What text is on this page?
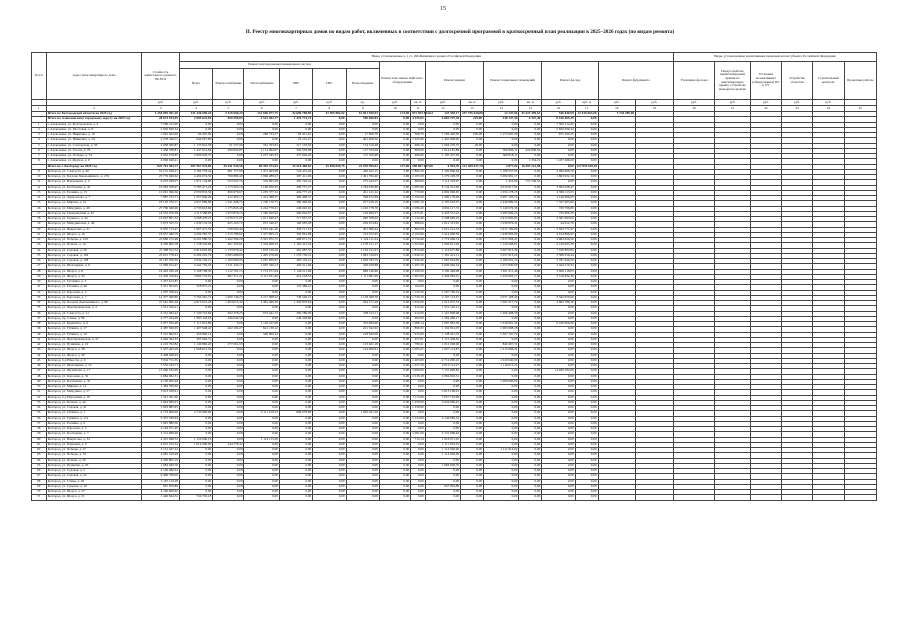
15
II. Реестр многоквартирных домов по видам работ, включенных в соответствии с долгосрочной программой в краткосрочный план реализации в 2025–2026 годах (по видам ремонта)
№ п/п	Адрес многоквартирного дома	Стоимость капитального ремонта, ВСЕГО	Виды, установленные ч. 1 ст. 166 Жилищного кодекса Российской Федерации																Виды, установленные нормативным правовым актом субъекта Российской Федерации					
			Ремонт внутридомовых инженерных систем						Ремонт или замена лифтового оборудования		Ремонт крыши		Ремонт подвальных помещений		Ремонт фасада		Ремонт фундамента		Утепление фасадов	Переустройство невентилируемой крыши на вентилируемую крышу, устройство выходов на кровлю	Установка коллективных (общедомовых) ПУ и УУ	Устройство отмостки	Строительный контроль	Проектные работы
			Всего	Электроснабжение	Теплоснабжение	ХВС	ГВС	Водоотведение																
		руб.	руб.	руб.	руб.	руб.	руб.	ед.	руб.	кв. м	руб.	кв. м	руб.	кв. м	руб.	куб. м	руб.	руб.	руб.	руб.	руб.	руб.	руб.	
1	2	3	4	5	6	7	8	9	10	11	12	13	14	15	16	17	18	19	20	21	22	23	24	25
	Итого по Белгородской области на 2025 год	1 454 859 401,20	141 446 690,20	3 126 906,24	131 660 077,75	42 686 788,89	41 505 882,92	61 851 590,91	174,00	872 955 504,64	143 338,17	257 576 028,80	12 247,66	43 423 499,63	546 840,09	22 610 663,00	5 744 280,00							
	Итого по Алексеевскому городскому округу на 2025 год	28 874 934,49	2 985 642,09	650 299,83	2 541 402,77	1 476 774,74	0,00	700 900,83	0,00	4 335,63	6 682 797,36	219,00	146 147,30	6 347,40	6 106 405,39	0,00								
1	г. Алексеевка, ул. Белгородская, д. 4	7 568 212,00	0,00	0,00	0,00	0,00	0,00	0,00	0,00	0,00	0,00	0,00	0,00	0,00	7 566 212,00	0,00								
2	г. Алексеевка, ул. Мостовая, д. 8	2 650 636,34	0,00	0,00	0,00	0,00	0,00	0,00	0,00	0,00	0,00	0,00	0,00	0,00	2 650 636,34	0,00								
3	г. Алексеевка, ул. Никитина, д. 16	1 945 562,00	60 407,92	0,00	260 734,77	64 451,61	0,00	17 906,70	0,00	366,70	1 706 440,30	190,00	1 175 007,20	0,00	675 160,25	0,00								
4	г. Алексеевка, ул. Никитина, д. 29	2 278 346,57	944 097,80	0,00	0,00	23 101,27	0,00	401 408,50	0,00	1 025,60	1 465 608,00	0,00	0,00	0,00	0,00	0,00								
5	г. Алексеевка, ул. Слободская, д. 56	2 038 300,87	1 135 841,58	61 527,06	361 703,81	217 193,50	0,00	154 516,48	0,00	666,10	1 004 270,55	28,00	0,00	0,00	0,00	0,00								
6	г. Алексеевка, ул. Гоголя, д. 76	1 458 338,81	1 447 612,84	269 602,87	1 151 094,97	350 539,88	0,00	117 334,56	0,00	600,00	1 914 181,89	0,00	300 890,11	424 839,59	0,00	0,00								
7	г. Алексеевка, ул. Победы, д. 74	2 652 276,85	2 909 643,37	0,00	2 075 345,43	375 664,20	0,00	115 160,68	0,00	460,00	1 105 437,49	0,00	360 818,11	0,00	0,00	0,00								
8	г. Алексеевка, ул. Фрунзе, д. 9	4 090 940,41	0,00	0,00	0,00	0,00	0,00	0,00	0,00	0,00	0,00	0,00	0,00	1 334,19	1 457 496,00	0,00								
	Итого по г. Белгороду на 2025 год	822 761 403,77	187 567 975,89	35 441 944,58	80 493 473,63	32 516 468,63	15 058 839,75	22 978 990,01	127,00	188 687 227,60	6 595,39	121 309 037,70	4 877,04	16 493 214,98	0,00	127 855 092,81								
9	Белгород, ул. 5 Августа, д. 40	10 131 246,21	2 184 776,44	661 177,99	1 471 405,08	724 472,40	0,00	446 441,15	2,00	1 864,76	1 162 960,64	0,00	1 108 557,03	0,00	4 090 966,79	0,00								
10	Белгород, ул. Богдана Хмельницкого, д. 274	23 779 040,62	4 494 974,30	799 889,40	1 966 289,23	287 411,06	0,00	1 491 790,40	3,00	2 105,50	1 279 228,70	0,00	3 284 981,17	0,00	1 863 932,19	0,00								
11	Белгород, ул. Вокзальная, д. 4	6 033 838,07	1 871 134,80	523 947,76	376 993,28	395 702,22	0,00	275 444,37	0,00	669,00	3 114 318,67	0,00	1 410,90	772 749,35	0,00	0,00								
12	Белгород, ул. Костюкова, д. 45	10 083 358,97	3 785 471,24	1 173 563,10	1 196 050,45	269 757,27	0,00	1 764 930,88	2,00	1 085,90	8 134 312,96	0,00	4 010 917,62	0,00	3 002 028,47	0,00								
13	Белгород, ул. Есенина, д. 13	15 001 396,30	2 039 833,50	606 679,67	1 205 377,31	404 777,22	0,00	421 141,22	0,00	770,90	4 892 996,65	0,00	1 034 178,25	0,00	4 569 113,25	0,00								
14	Белгород, ул. Лермонтова, д. 7	7 687 135,71	1 957 840,49	412 493,17	1 414 388,57	309 498,37	0,00	768 072,69	0,00	1 194,00	1 090 178,06	0,00	3 097 102,74	0,00	2 140 990,09	0,00								
15	Белгород, ул. Мирная, д. 16	18 120 570,17	4 657 886,86	1 341 468,75	1 700 170,75	380 490,63	0,00	677 916,16	0,00	2 982,10	2 195 618,07	0,00	2 446 889,52	0,00	7 327 663,60	0,00								
16	Белгород, ул. Мичурина, д. 49	27 766 940,96	4 730 618,69	1 175 843,40	2 244 770,01	246 042,01	0,00	1 216 178,70	2,00	2 286,40	4 004 117,72	0,00	5 140 070,36	0,00	729 706,89	0,00								
17	Белгород, пр. Гражданский, д. 43	16 352 676,38	4 113 588,83	1 053 876,15	1 390 920,92	360 604,67	0,00	156 960,27	0,00	1 675,61	2 443 531,22	0,00	3 285 669,25	0,00	735 806,58	0,00								
18	Белгород, ул. Горького, д. 44	12 607 891,32	3 588 478,21	1 076 571,07	1 011 640,27	717 637,57	0,00	290 708,02	0,00	1 134,40	2 508 699,22	0,00	2 613 905,81	0,00	4 561 693,00	0,00								
19	Белгород, ул. Мичуринская, д. 46	5 673 525,72	1 639 153,33	625 105,72	975 540,27	160 685,28	0,00	229 674,84	0,00	888,00	1 012 313,95	0,00	1 036 876,41	0,00	44 612,76	0,00								
20	Белгород, ул. Некрасова, д. 31	9 935 713,47	1 907 471,59	530 000,40	2 023 441,16	356 717,10	0,00	401 006,24	0,00	804,58	2 021 212,33	0,00	1 917 100,09	0,00	2 043 771,97	0,00								
21	Белгород, ул. Щорса, д. 16	18 057 480,79	4 294 287,57	1 315 780,62	1 477 905,13	393 961,99	0,00	723 072,45	0,00	2 104,80	5 414 900,39	0,00	1 936 993,02	0,00	4 814 866,93	0,00								
22	Белгород, ул. Победы, д. 128	23 686 272,48	6 201 880,33	1 492 399,29	3 301 872,75	408 071,72	0,00	1 124 111,24	0,00	2 734,40	1 774 066,74	0,00	1 617 004,47	0,00	3 084 826,50	0,00								
23	Белгород, ул. Попова, д. 14	6 560 600,78	1 728 343,66	407 103,81	1 318 408,33	1 163 412,32	0,00	1 178 121,17	0,00	1 323,60	1 090 011,94	0,00	1 126 568,01	0,00	2 120 933,38	0,00								
24	Белгород, ул. Садовая, д. 26	21 468 911,54	4 816 603,69	1 133 970,42	1 633 120,16	481 987,55	0,00	1 159 121,01	0,00	1 874,68	1 116 977,89	0,00	3 097 813,39	0,00	7 106 802,84	0,00								
25	Белгород, ул. Садовая, д. 104	25 615 778,43	6 269 201,79	2 083 486,83	1 405 278,28	1 276 730,21	0,00	1 063 318,03	0,00	1 940,52	7 191 413,11	0,00	2 037 613,22	0,00	3 589 916,44	0,00								
26	Белгород, ул. Садовая, д. 108	22 187 978,39	3 934 102,21	1 182 600,95	3 281 009,93	485 116,41	0,00	1 028 183,79	0,00	1 940,40	1 963 044,09	0,00	2 186 091,10	0,00	3 781 649,20	0,00								
27	Белгород, ул. Шаландина, д. 6	11 969 614,47	4 442 702,33	1 311 343,17	1 905 340,13	409 311,06	0,00	428 028,88	0,00	1 267,50	2 949 946,24	0,00	1 073 900,60	0,00	3 444 519,33	0,00								
28	Белгород, ул. Щорса, д. 8	19 493 180,18	5 108 798,50	1 112 791,15	1 713 271,04	1 146 211,69	0,00	688 146,69	0,00	2 190,50	3 100 448,08	0,00	1 811 911,46	0,00	3 609 118,03	0,00								
29	Белгород, ул. Щорса, д. 45	15 436 516,64	3 860 718,91	867 311,21	2 111 931,69	416 218,53	0,00	1 111 881,99	0,00	1 607,00	2 404 963,41	0,00	1 034 993,17	0,00	3 516 832,36	0,00								
30	Белгород, ул. Гагарина, д. 3	2 437 613,85	0,00	0,00	0,00	0,00	0,00	0,00	0,00	0,00	0,00	0,00	0,00	0,00	0,00	0,00								
31	Белгород, ул. Есенина, д. 46	3 351 503,05	358 875,21	0,00	0,00	172 386,16	0,00	0,00	0,00	164,00	0,00	0,00	0,00	0,00	0,00	0,00								
32	Белгород, ул. Королева, д. 2	1 597 766,24	0,00	0,00	0,00	0,00	0,00	0,00	0,00	1 120,30	1 597 766,24	0,00	0,00	0,00	0,00	0,00								
33	Белгород, ул. Королева, д. 7	14 477 466,80	3 760 461,74	1 060 149,25	2 217 968,52	749 546,15	0,00	1 128 368,58	0,00	1 720,10	2 197 113,47	0,00	2 037 108,40	0,00	3 342 950,69	0,00								
34	Белгород, пр. Богдана Хмельницкого, д. 88	21 561 495,26	4 913 021,43	1 464 015,42	2 481 469,36	1 450 876,64	0,00	204 171,28	0,00	1 652,00	1 912 037,53	0,00	1 065 217,74	0,00	4 863 788,16	0,00								
35	Белгород, ул. Преображенская, д. 4	1 551 520,21	0,00	0,00	0,00	0,00	0,00	0,00	0,00	912,00	1 551 520,21	0,00	0,00	0,00	0,00	0,00								
36	Белгород, ул. 5 Августа, д. 21	6 191 484,42	1 540 710,84	502 178,25	973 441,72	269 780,99	0,00	338 413,11	0,00	914,00	1 161 806,98	0,00	1 209 498,59	0,00	0,00	0,00								
37	Белгород, пр. Славы, д. 89	4 277 434,48	1 683 118,63	246 944,50	6,00	244 228,80	0,00	0,00	0,00	462,00	1 284 466,17	0,00	0,00	0,00	0,00	0,00								
38	Белгород, ул. Буденного, д. 9	5 977 762,48	1 117 641,80	0,00	1 116 417,06	0,00	0,00	310 984,96	0,00	1 088,14	1 097 981,30	0,00	1 019 601,45	0,00	6 100 906,69	0,00								
39	Белгород, ул. Губкина, д. 17	4 487 940,65	1 407 948,42	462 160,27	641 130,12	0,00	0,00	221 542,92	0,00	890,25	1 104 812,07	0,00	1 063 998,28	0,00	0,00	0,00								
40	Белгород, ул. Губкина, д. 19	5 191 862,01	456 900,14	0,00	340 009,44	0,00	0,00	218 640,00	0,00	913,00	1 138 441,35	0,00	1 307 107,74	0,00	0,00	0,00								
41	Белгород, ул. Преображенская, д. 47	2 646 362,33	297 646,72	0,00	0,00	0,00	0,00	0,00	0,00	457,01	1 115 436,62	0,00	0,00	0,00	0,00	0,00								
42	Белгород, ул. Пушкина, д. 10	4 216 762,82	1 149 860,20	277 001,93	0,00	0,00	0,00	123 461,18	0,00	780,41	1 012 048,06	0,00	840 467,31	0,00	0,00	0,00								
43	Белгород, ул. Щорса, д. 38	5 437 463,26	1 008 613,30	0,00	0,00	0,00	0,00	144 008,61	0,00	1 003,27	1 007 114,87	0,00	1 213 096,41	0,00	0,00	0,00								
44	Белгород, ул. Щорса, д. 49	4 408 946,94	0,00	0,00	0,00	0,00	0,00	0,00	0,00	0,00	0,00	0,00	0,00	0,00	0,00	0,00								
45	Белгород, б-р Юности, д. 9	7 632 711,55	0,00	0,00	0,00	0,00	0,00	0,00	0,00	1 403,00	4 712 000,23	0,00	1 019 040,00	0,00	0,00	0,00								
46	Белгород, ул. Шаландина, д. 14	7 552 184,71	0,00	0,00	0,00	0,00	0,00	0,00	0,00	1 227,50	2 910 112,27	0,00	1 116 011,21	0,00	0,00	0,00								
47	Белгород, ул. Шумилова, д. 17	13 460 182,09	0,00	0,00	0,00	0,00	0,00	0,00	0,00	3 400,00	7 155 000,82	0,00	0,00	0,00	13 460 182,09	0,00								
48	Белгород, ул. Королева, д. 32	2 684 002,31	0,00	0,00	0,00	0,00	0,00	0,00	0,00	1 018,18	2 684 002,31	0,00	0,00	0,00	0,00	0,00								
49	Белгород, ул. Костюкова, д. 32	4 150 000,46	0,00	0,00	0,00	0,00	0,00	0,00	0,00	0,00	0,00	0,00	1 006 600,00	0,00	0,00	0,00								
50	Белгород, ул. Мирная, д. 14	1 484 760,46	0,00	0,00	0,00	0,00	0,00	0,00	0,00	0,00	0,00	0,00	0,00	0,00	0,00	0,00								
51	Белгород, ул. Мичурина, д. 57	3 813 168,91	0,00	0,00	0,00	0,00	0,00	0,00	0,00	0,00	3 813 168,91	0,00	0,00	0,00	0,00	0,00								
52	Белгород, б-р Народный, д. 76	1 321 261,66	0,00	0,00	0,00	0,00	0,00	0,00	0,00	1 115,00	7 657 752,00	0,00	0,00	0,00	0,00	0,00								
53	Белгород, ул. Попова, д. 44	5 844 966,43	0,00	0,00	0,00	0,00	0,00	0,00	0,00	1 250,00	3 944 966,45	0,00	0,00	0,00	0,00	0,00								
54	Белгород, ул. Садовая, д. 41	5 993 885,95	0,00	0,00	0,00	0,00	0,00	0,00	0,00	1 230,00	0,00	0,00	0,00	0,00	0,00	0,00								
55	Белгород, ул. Губкина, д. 1	4 733 960,00	4 733 960,00	0,00	2 111 419,53	808 678,80	0,00	1 046 261,00	0,00	0,00	0,00	0,00	0,00	0,00	0,00	0,00								
56	Белгород, ул. Губкина, д. 17а	5 475 180,94	0,00	0,00	0,00	0,00	0,00	0,00	0,00	1 134,00	3 146 082,52	0,00	0,00	0,00	0,00	0,00								
57	Белгород, ул. Есенина, д. 9	1 681 880,36	0,00	0,00	0,00	0,00	0,00	0,00	0,00	0,00	0,00	0,00	0,00	0,00	0,00	0,00								
58	Белгород, ул. Королева, д. 5	4 164 071,40	0,00	0,00	0,00	0,00	0,00	0,00	0,00	0,00	0,00	0,00	0,00	0,00	0,00	0,00								
59	Белгород, ул. Костюкова, д. 7	3 131 668,46	0,00	0,00	0,00	0,00	0,00	0,00	0,00	1 001,00	3 131 668,46	0,00	0,00	0,00	0,00	0,00								
60	Белгород, ул. Некрасова, д. 34	4 415 848,52	1 154 600,16	0,00	1 114 115,00	0,00	0,00	0,00	0,00	714,14	1 016 071,10	0,00	0,00	0,00	0,00	0,00								
61	Белгород, ул. Парковая, д. 9	4 001 232,34	1 014 000,00	244 778,42	0,00	0,00	0,00	0,00	0,00	0,00	1 111 919,22	0,00	0,00	0,00	0,00	0,00								
62	Белгород, ул. Победы, д. 47	3 131 447,24	0,00	0,00	0,00	0,00	0,00	0,00	0,00	0,00	1 114 040,00	0,00	1 111 914,62	0,00	0,00	0,00								
63	Белгород, ул. Победы, д. 53	4 081 229,48	0,00	0,00	0,00	0,00	0,00	0,00	0,00	0,00	1 114 040,00	0,00	0,00	0,00	0,00	0,00								
64	Белгород, ул. Попова, д. 26	2 590 805,19	0,00	0,00	0,00	0,00	0,00	0,00	0,00	0,00	0,00	0,00	0,00	0,00	0,00	0,00								
65	Белгород, ул. Пушкина, д. 20	1 684 040,76	0,00	0,00	0,00	0,00	0,00	0,00	0,00	0,00	1 684 040,76	0,00	0,00	0,00	0,00	0,00								
66	Белгород, ул. Садовая, д. 5	4 149 480,04	0,00	0,00	0,00	0,00	0,00	0,00	0,00	0,00	0,00	0,00	0,00	0,00	0,00	0,00								
67	Белгород, ул. Садовая, д. 22	9 466 798,00	0,00	0,00	0,00	0,00	0,00	0,00	0,00	0,00	0,00	0,00	0,00	0,00	0,00	0,00								
68	Белгород, ул. Славы, д. 20	3 167 119,28	0,00	0,00	0,00	0,00	0,00	0,00	0,00	0,00	0,00	0,00	0,00	0,00	0,00	0,00								
69	Белгород, ул. Сумская, д. 10	947 659,86	0,00	0,00	0,00	0,00	0,00	0,00	0,00	0,00	947 659,86	0,00	0,00	0,00	0,00	0,00								
70	Белгород, ул. Щорса, д. 27	2 160 600,62	0,00	0,00	0,00	0,00	0,00	0,00	0,00	0,00	0,00	0,00	0,00	0,00	0,00	0,00								
71	Белгород, ул. Щорса, д. 31	1 446 844,32	534 702,18	0,00	0,00	0,00	0,00	0,00	0,00	0,00	0,00	0,00	0,00	0,00	0,00	0,00								
